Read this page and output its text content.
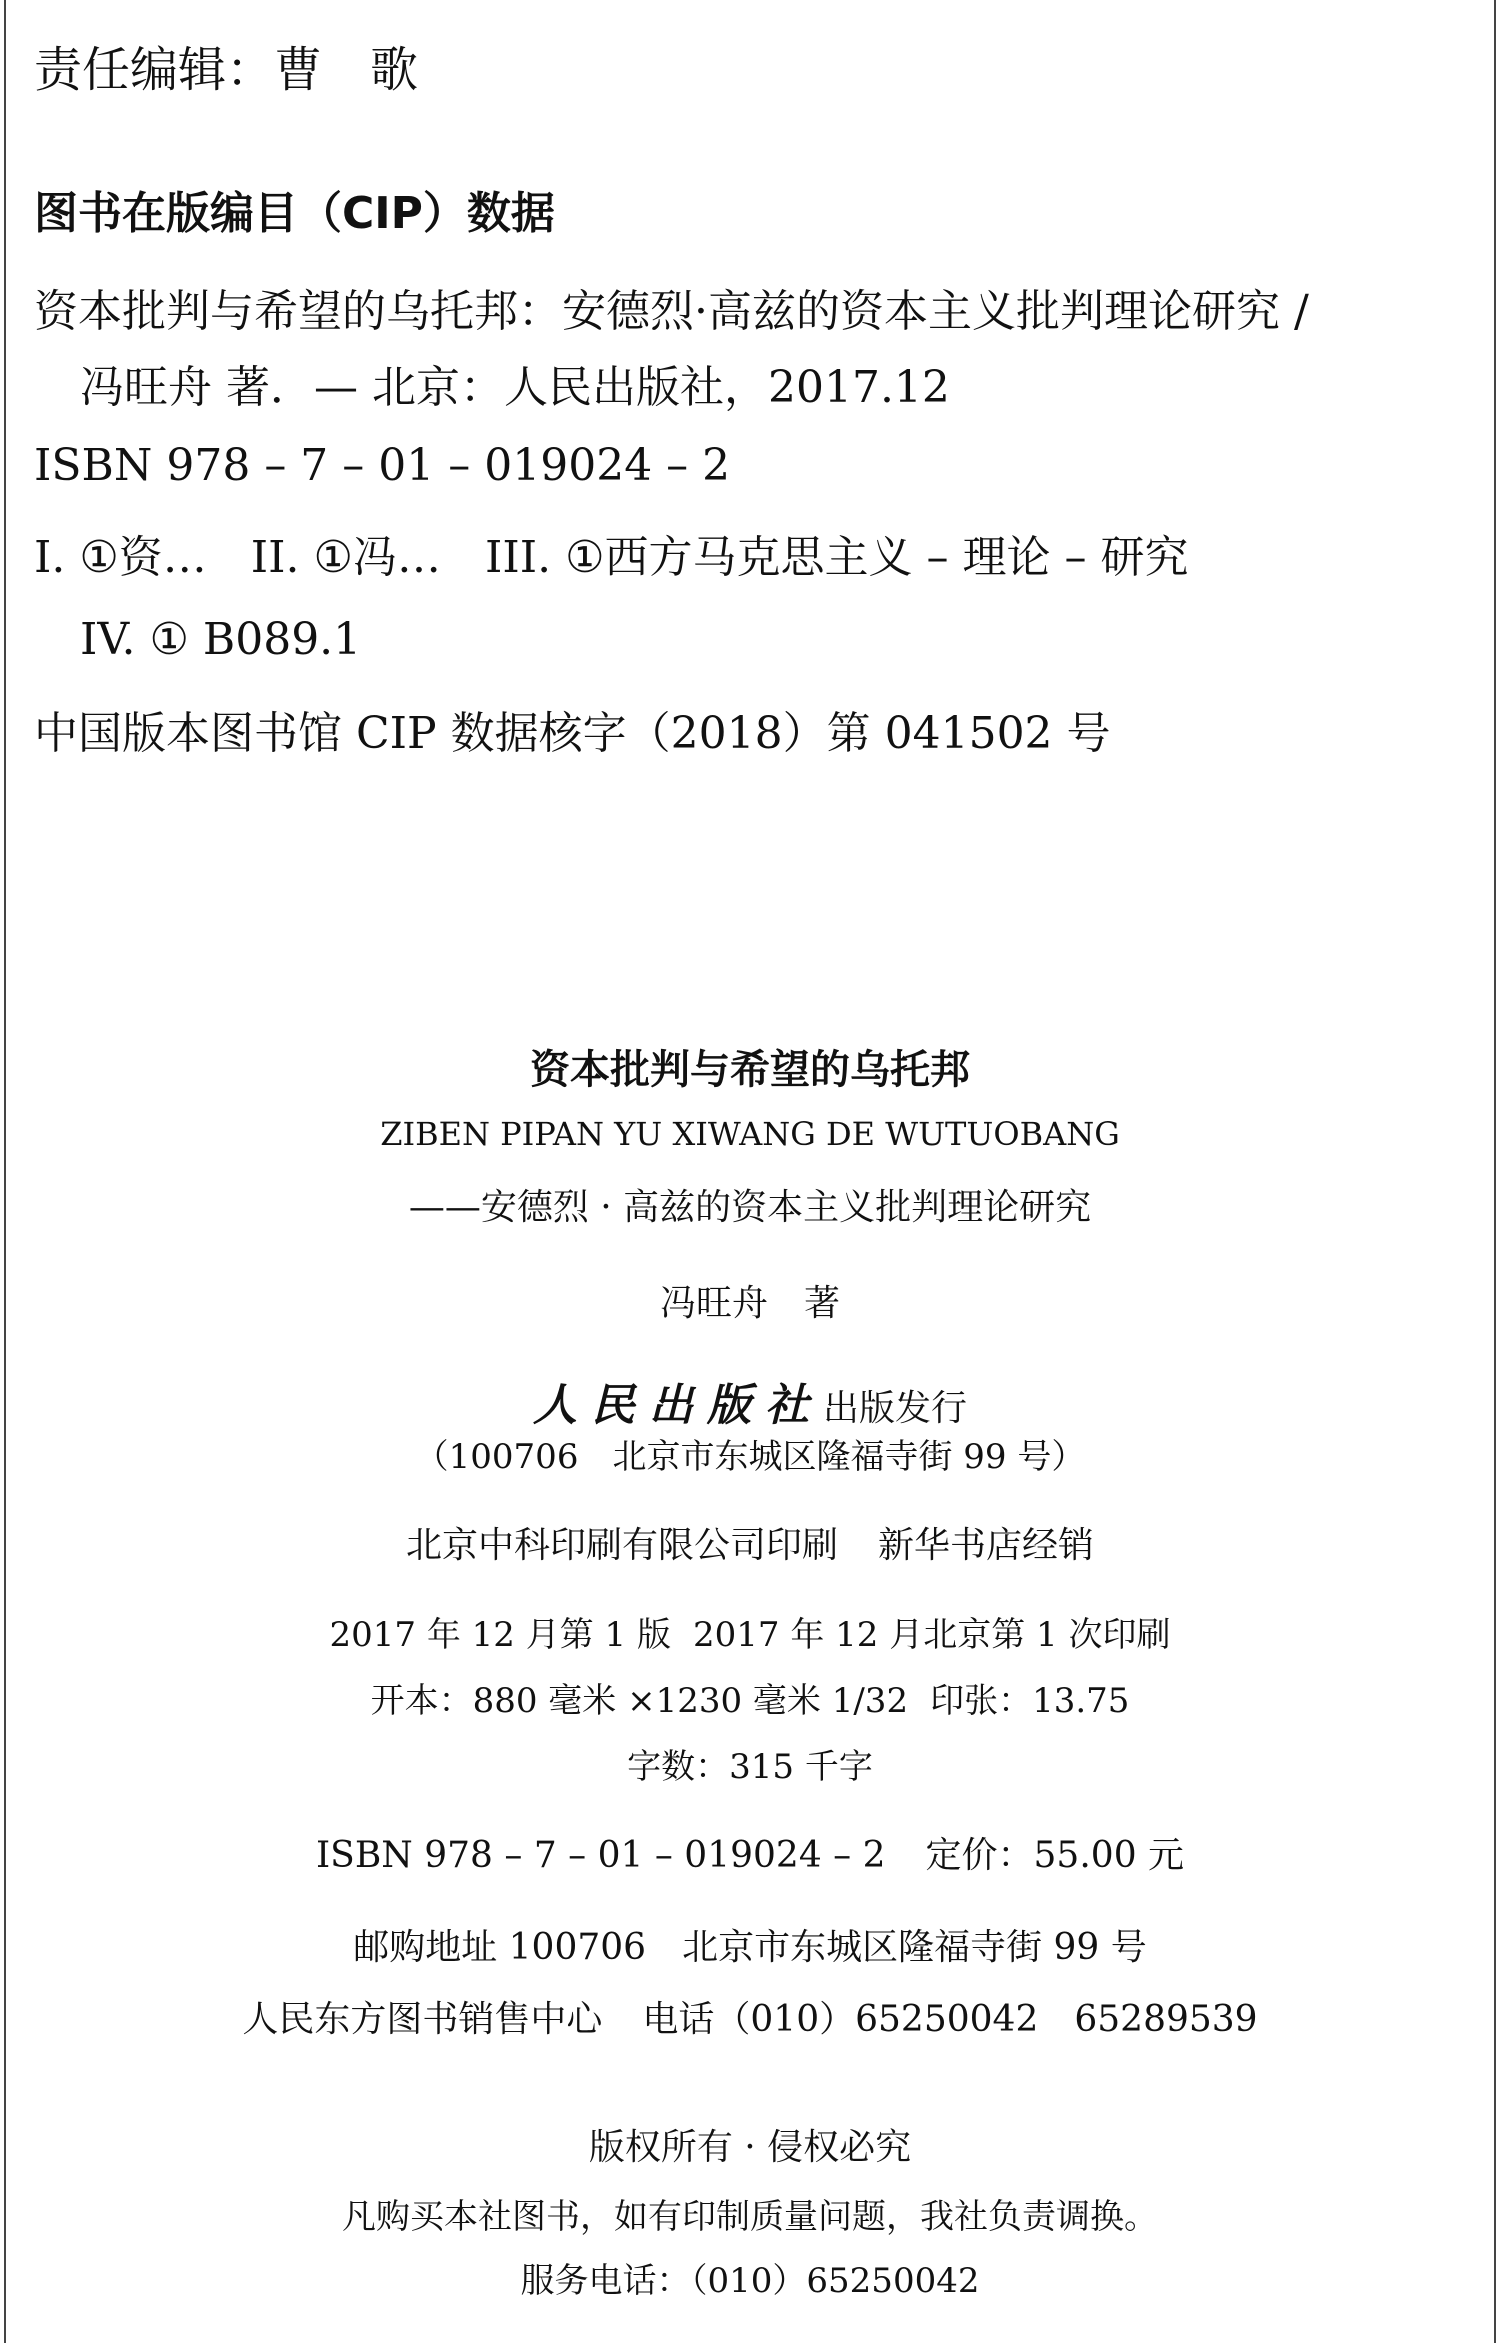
责任编辑：曹　歌
图书在版编目（CIP）数据
资本批判与希望的乌托邦：安德烈·高兹的资本主义批判理论研究 /
冯旺舟 著．— 北京：人民出版社，2017.12
ISBN 978 – 7 – 01 – 019024 – 2
I. ①资…　II. ①冯…　III. ①西方马克思主义 – 理论 – 研究
IV. ① B089.1
中国版本图书馆 CIP 数据核字（2018）第 041502 号
资本批判与希望的乌托邦
ZIBEN PIPAN YU XIWANG DE WUTUOBANG
——安德烈 · 高兹的资本主义批判理论研究
冯旺舟　著
人民出版社出版发行
（100706　北京市东城区隆福寺街 99 号）
北京中科印刷有限公司印刷 新华书店经销
2017 年 12 月第 1 版 2017 年 12 月北京第 1 次印刷
开本：880 毫米 ×1230 毫米 1/32 印张：13.75
字数：315 千字
ISBN 978 – 7 – 01 – 019024 – 2 定价：55.00 元
邮购地址 100706　北京市东城区隆福寺街 99 号
人民东方图书销售中心 电话（010）65250042　65289539
版权所有 · 侵权必究
凡购买本社图书，如有印制质量问题，我社负责调换。
服务电话：（010）65250042
